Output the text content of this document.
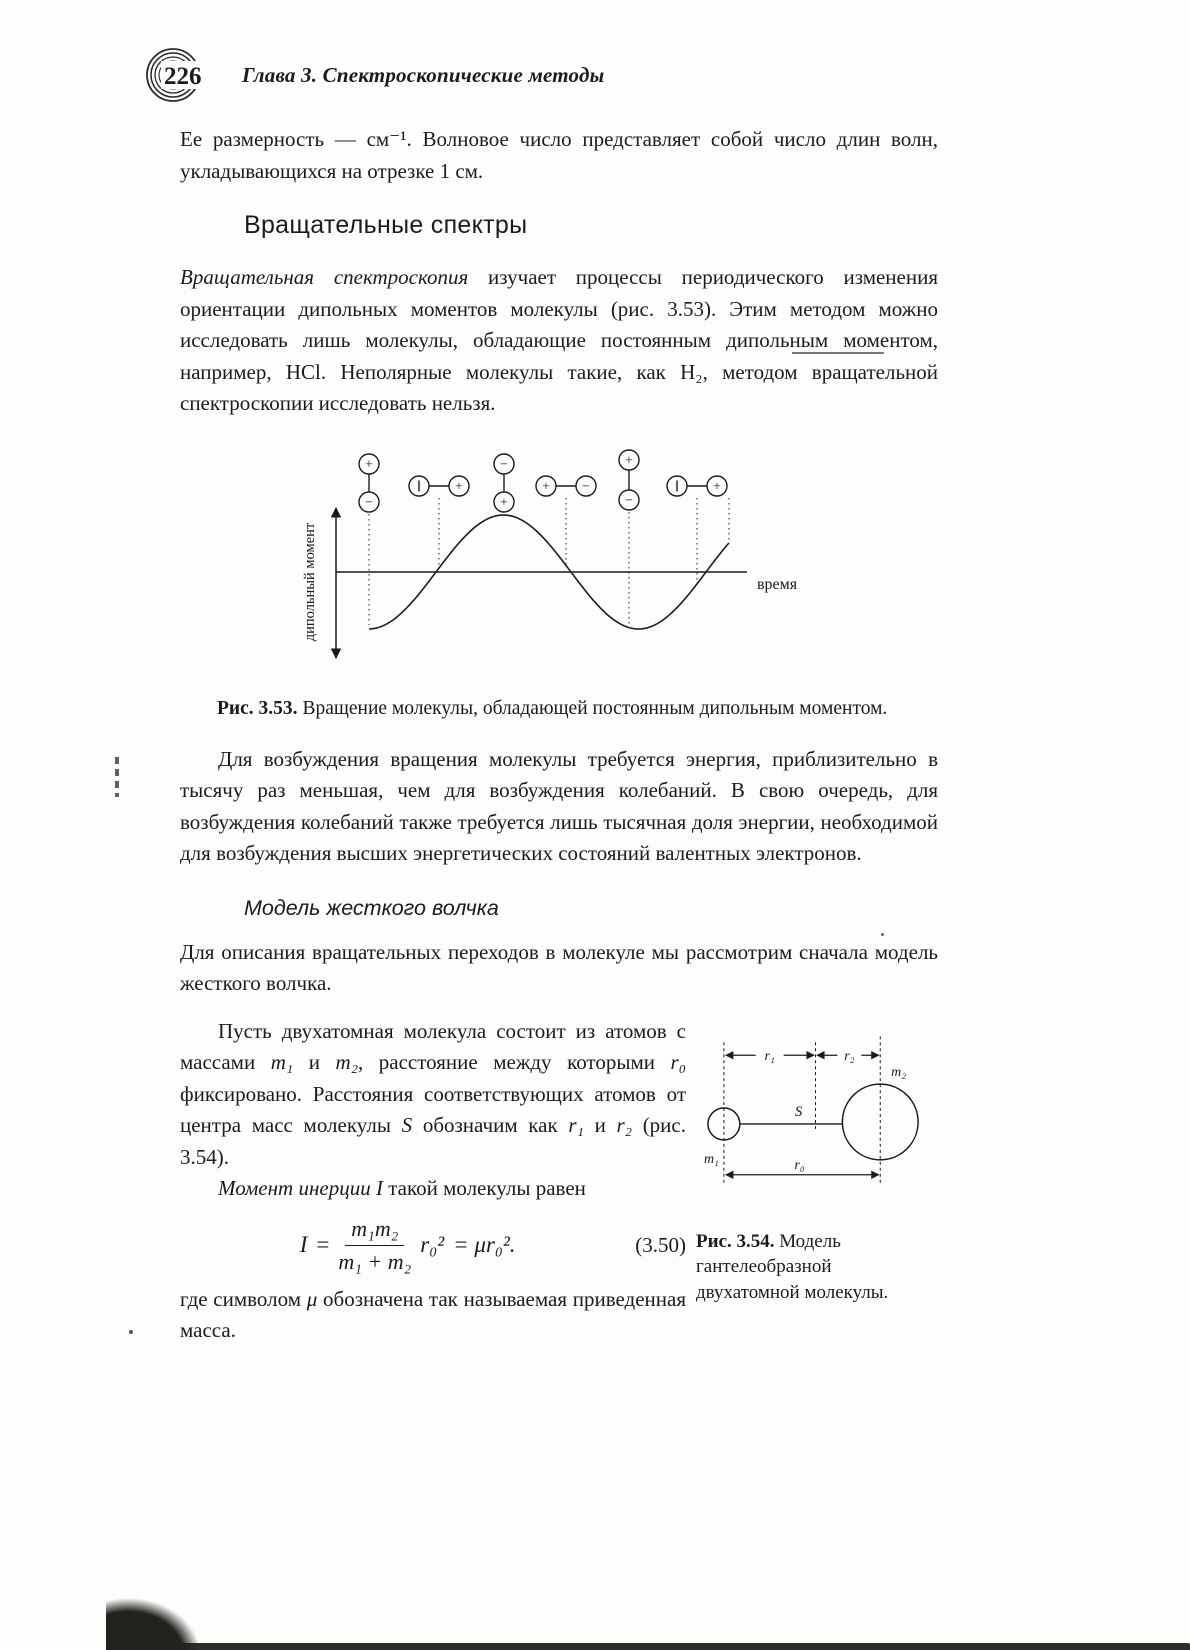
226 Глава 3. Спектроскопические методы

Ее размерность — см⁻¹. Волновое число представляет собой число длин волн, укладывающихся на отрезке 1 см.

Вращательные спектры

Вращательная спектроскопия изучает процессы периодического изменения ориентации дипольных моментов молекулы (рис. 3.53). Этим методом можно исследовать лишь молекулы, обладающие постоянным дипольным моментом, например, HCl. Неполярные молекулы такие, как H₂, методом вращательной спектроскопии исследовать нельзя.

дипольный момент	время
+
−
+
−
+
+ −
+
−
+

Рис. 3.53. Вращение молекулы, обладающей постоянным дипольным моментом.

Для возбуждения вращения молекулы требуется энергия, приблизительно в тысячу раз меньшая, чем для возбуждения колебаний. В свою очередь, для возбуждения колебаний также требуется лишь тысячная доля энергии, необходимой для возбуждения высших энергетических состояний валентных электронов.

Модель жесткого волчка

Для описания вращательных переходов в молекуле мы рассмотрим сначала модель жесткого волчка.

Пусть двухатомная молекула состоит из атомов с массами m₁ и m₂, расстояние между которыми r₀ фиксировано. Расстояния соответствующих атомов от центра масс молекулы S обозначим как r₁ и r₂ (рис. 3.54).

Момент инерции I такой молекулы равен

$I = \frac{\text{m₁m₂}}{\text{m₁ + m₂}} r_0^2 = \mu r_0^2$.	(3.50)

где символом μ обозначена так называемая приведенная масса.

r₁	r₂
S
m₁
m₂
r₀
Рис. 3.54. Модель гантелеобразной двухатомной молекулы.
